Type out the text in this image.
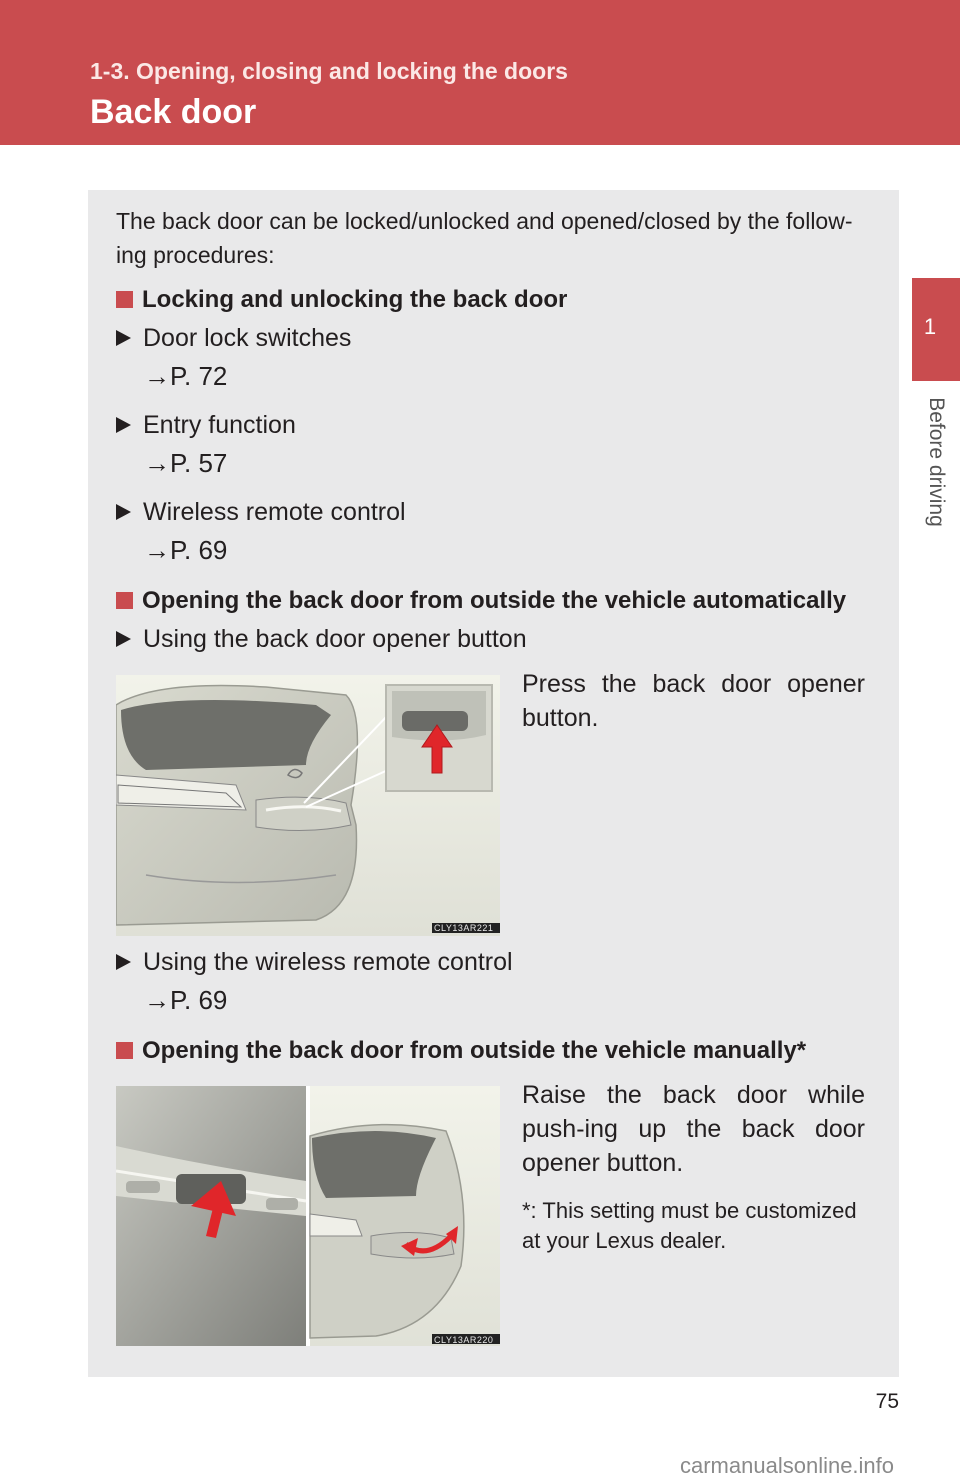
1-3. Opening, closing and locking the doors
Back door
1
Before driving
The back door can be locked/unlocked and opened/closed by the follow-
ing procedures:
Locking and unlocking the back door
Door lock switches
→P. 72
Entry function
→P. 57
Wireless remote control
→P. 69
Opening the back door from outside the vehicle automatically
Using the back door opener button
Press the back door opener button.
CLY13AR221
Using the wireless remote control
→P. 69
Opening the back door from outside the vehicle manually*
Raise the back door while push-ing up the back door opener button.
*: This setting must be customized at your Lexus dealer.
CLY13AR220
75
carmanualsonline.info
